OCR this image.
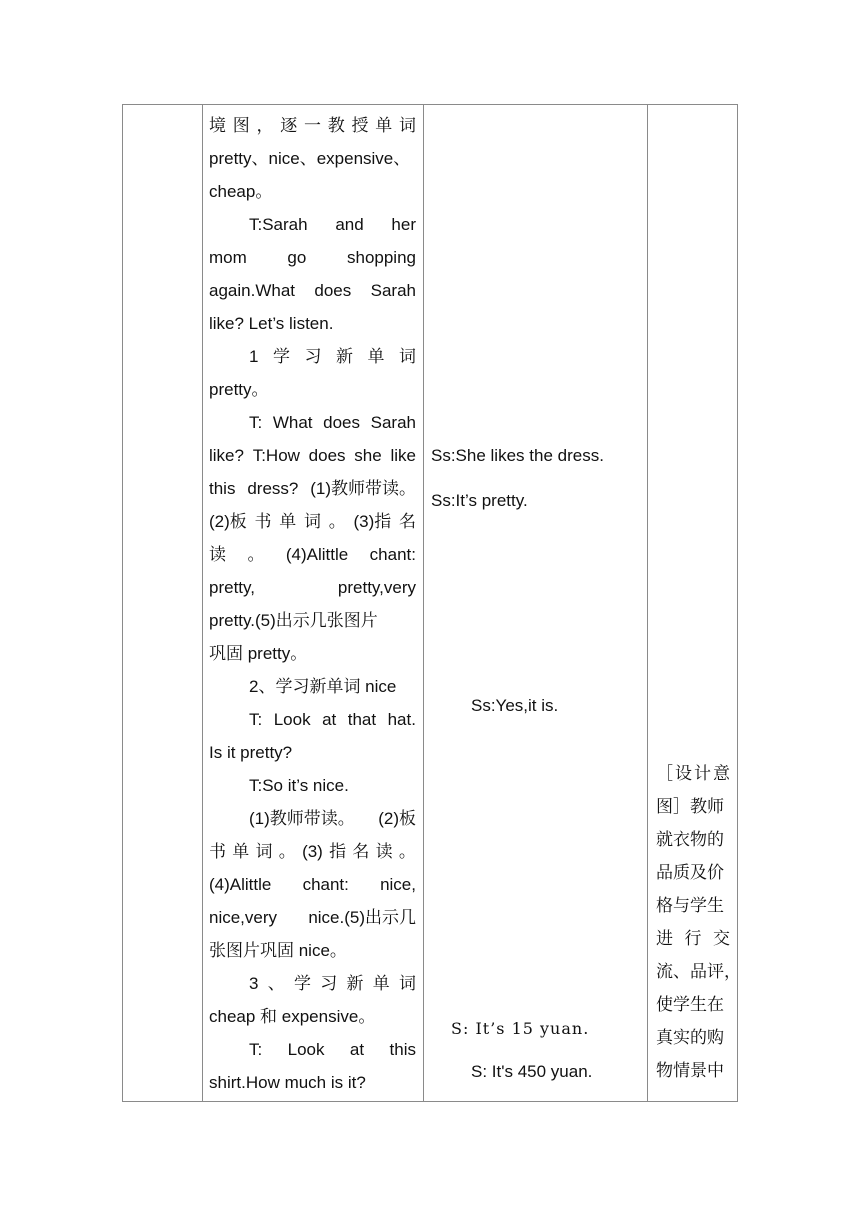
境 图 ， 逐 一 教 授 单 词
pretty、nice、expensive、
cheap。
T:Sarah and her
mom go shopping
again.What does Sarah
like? Let’s listen.
1 学 习 新 单 词
pretty。
T: What does Sarah
like? T:How does she like
this dress? (1)教师带读。
(2)板 书 单 词 。 (3)指 名
读 。 (4)Alittle chant:
pretty,	pretty,very
pretty.(5)出示几张图片
巩固 pretty。
2、学习新单词 nice
T: Look at that hat.
Is it pretty?
T:So it’s nice.
(1)教师带读。 (2)板
书 单 词 。 (3) 指 名 读 。
(4)Alittle chant: nice,
nice,very nice.(5)出示几
张图片巩固 nice。
3 、 学 习 新 单 词
cheap 和 expensive。
T: Look at this
shirt.How much is it?
Ss:She likes the dress.
Ss:It’s pretty.
Ss:Yes,it is.
S: It’s 15 yuan.
S: It's 450 yuan.
［ 设 计 意
图］教师
就衣物的
品质及价
格与学生
进 行 交
流、品评，
使学生在
真实的购
物情景中
